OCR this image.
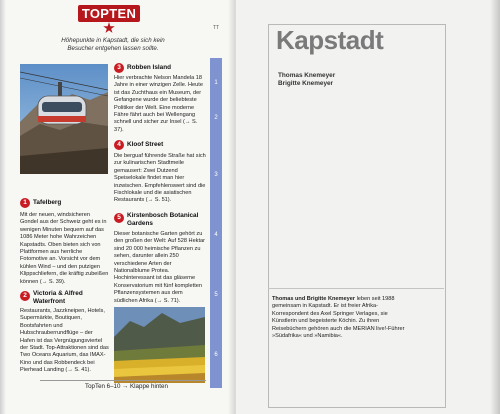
TOPTEN
Höhepunkte in Kapstadt, die sich kein Besucher entgehen lassen sollte.
1 Tafelberg
Mit der neuen, windsicheren Gondel aus der Schweiz geht es in wenigen Minuten bequem auf das 1086 Meter hohe Wahrzeichen Kapstadts. Oben bieten sich von Plattformen aus herrliche Fotomotive an. Vorsicht vor dem kühlen Wind – und den putzigen Klippschliefern, die kräftig zubeißen können (→ S. 39).
2 Victoria & Alfred Waterfront
Restaurants, Jazzkneipen, Hotels, Supermärkte, Boutiquen, Bootsfahrten und Hubschrauberrundflüge – der Hafen ist das Vergnügungsviertel der Stadt. Top-Attraktionen sind das Two Oceans Aquarium, das IMAX-Kino und das Robbendeck bei Pierhead Landing (→ S. 41).
3 Robben Island
Hier verbrachte Nelson Mandela 18 Jahre in einer winzigen Zelle. Heute ist das Zuchthaus ein Museum, der Gefangene wurde der beliebteste Politiker der Welt. Eine moderne Fähre fährt auch bei Wellengang schnell und sicher zur Insel (→ S. 37).
4 Kloof Street
Die berguaf führende Straße hat sich zur kulinarischen Stadtmeile gemausert: Zwei Dutzend Speiselokale findet man hier inzwischen. Empfehlenswert sind die Fischlokale und die asiatischen Restaurants (→ S. 51).
5 Kirstenbosch Botanical Gardens
Dieser botanische Garten gehört zu den großen der Welt: Auf 528 Hektar sind 20 000 heimische Pflanzen zu sehen, darunter allein 250 verschiedene Arten der Nationalblume Protea. Hochinteressant ist das gläserne Konservatorium mit fünf kompletten Pflanzensystemen aus dem südlichen Afrika (→ S. 71).
TT
1
2
3
4
5
6
TopTen 6–10 → Klappe hinten
Kapstadt
Thomas Knemeyer
Brigitte Knemeyer
Thomas und Brigitte Knemeyer leben seit 1988 gemeinsam in Kapstadt. Er ist freier Afrika-Korrespondent des Axel Springer Verlages, sie Künstlerin und begeisterte Köchin. Zu ihren Reisebüchern gehören auch die MERIAN live!-Führer »Südafrika« und »Namibia«.
